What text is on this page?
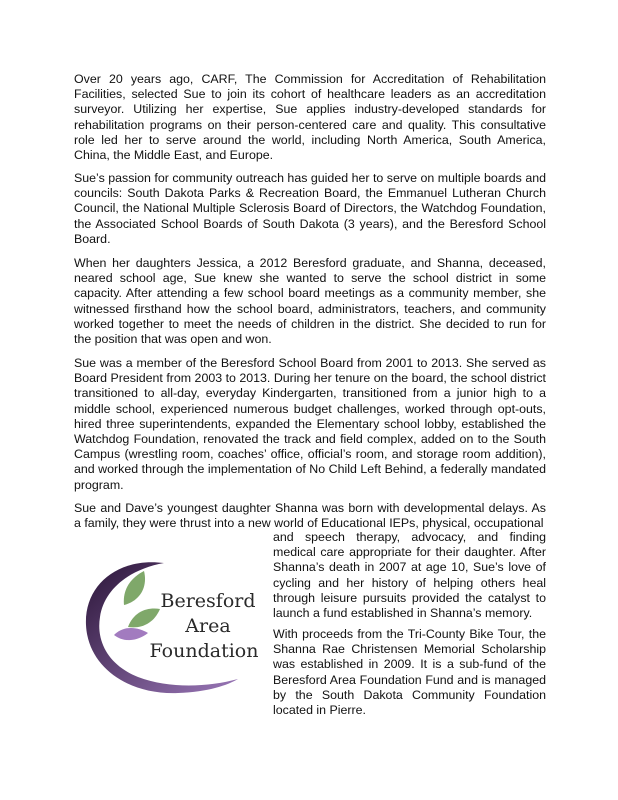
Over 20 years ago, CARF, The Commission for Accreditation of Rehabilitation Facilities, selected Sue to join its cohort of healthcare leaders as an accreditation surveyor. Utilizing her expertise, Sue applies industry-developed standards for rehabilitation programs on their person-centered care and quality. This consultative role led her to serve around the world, including North America, South America, China, the Middle East, and Europe.

Sue’s passion for community outreach has guided her to serve on multiple boards and councils: South Dakota Parks & Recreation Board, the Emmanuel Lutheran Church Council, the National Multiple Sclerosis Board of Directors, the Watchdog Foundation, the Associated School Boards of South Dakota (3 years), and the Beresford School Board.

When her daughters Jessica, a 2012 Beresford graduate, and Shanna, deceased, neared school age, Sue knew she wanted to serve the school district in some capacity. After attending a few school board meetings as a community member, she witnessed firsthand how the school board, administrators, teachers, and community worked together to meet the needs of children in the district. She decided to run for the position that was open and won.

Sue was a member of the Beresford School Board from 2001 to 2013. She served as Board President from 2003 to 2013. During her tenure on the board, the school district transitioned to all-day, everyday Kindergarten, transitioned from a junior high to a middle school, experienced numerous budget challenges, worked through opt-outs, hired three superintendents, expanded the Elementary school lobby, established the Watchdog Foundation, renovated the track and field complex, added on to the South Campus (wrestling room, coaches’ office, official’s room, and storage room addition), and worked through the implementation of No Child Left Behind, a federally mandated program.

Sue and Dave’s youngest daughter Shanna was born with developmental delays. As a family, they were thrust into a new world of Educational IEPs, physical, occupational

and speech therapy, advocacy, and finding medical care appropriate for their daughter. After Shanna’s death in 2007 at age 10, Sue’s love of cycling and her history of helping others heal through leisure pursuits provided the catalyst to launch a fund established in Shanna’s memory.

With proceeds from the Tri-County Bike Tour, the Shanna Rae Christensen Memorial Scholarship was established in 2009. It is a sub-fund of the Beresford Area Foundation Fund and is managed by the South Dakota Community Foundation located in Pierre.

Beresford
Area
Foundation
